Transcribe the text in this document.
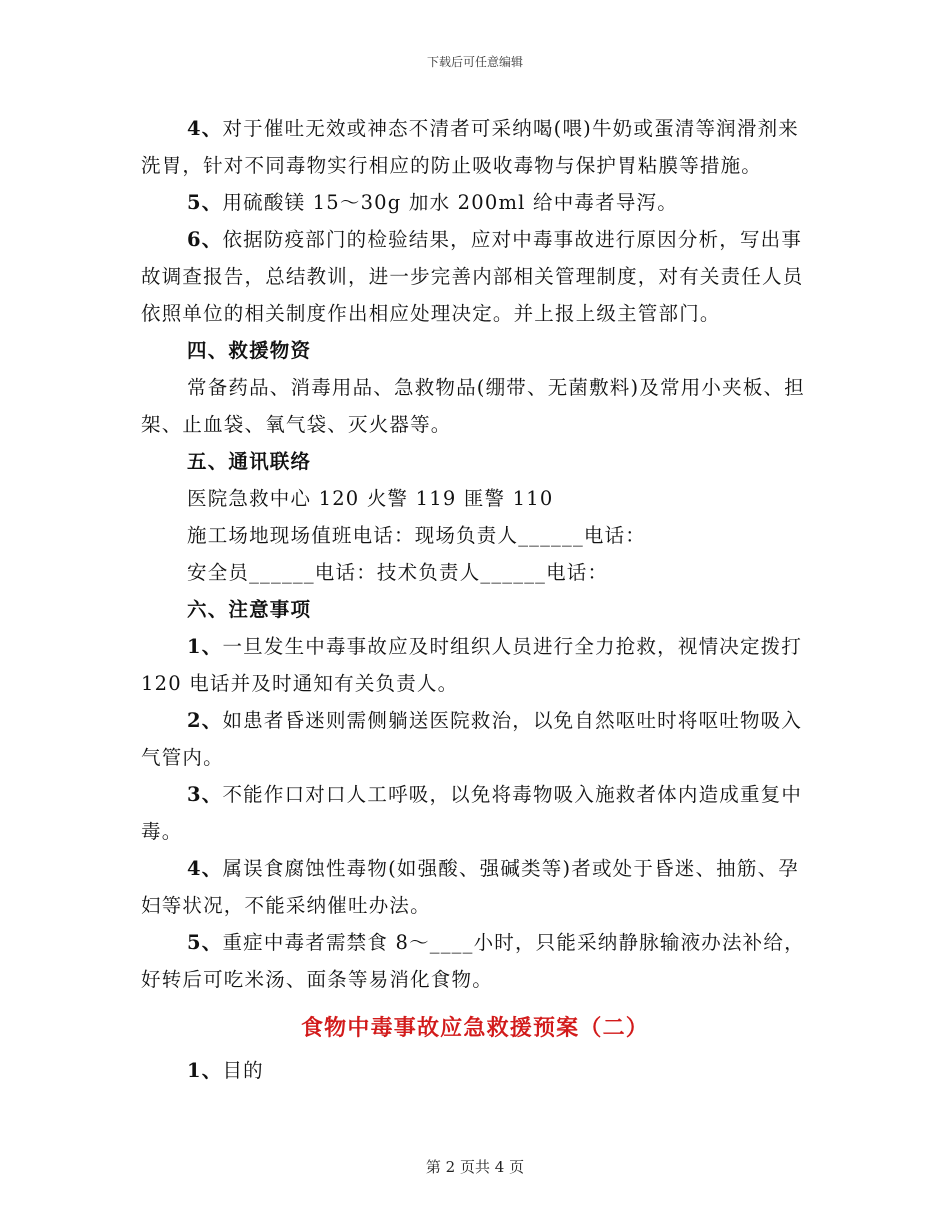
下载后可任意编辑

4、对于催吐无效或神态不清者可采纳喝(喂)牛奶或蛋清等润滑剂来洗胃，针对不同毒物实行相应的防止吸收毒物与保护胃粘膜等措施。

5、用硫酸镁 15～30g 加水 200ml 给中毒者导泻。

6、依据防疫部门的检验结果，应对中毒事故进行原因分析，写出事故调查报告，总结教训，进一步完善内部相关管理制度，对有关责任人员依照单位的相关制度作出相应处理决定。并上报上级主管部门。

四、救援物资

常备药品、消毒用品、急救物品(绷带、无菌敷料)及常用小夹板、担架、止血袋、氧气袋、灭火器等。

五、通讯联络

医院急救中心 120 火警 119 匪警 110

施工场地现场值班电话：现场负责人______电话：

安全员______电话：技术负责人______电话：

六、注意事项

1、一旦发生中毒事故应及时组织人员进行全力抢救，视情决定拨打 120 电话并及时通知有关负责人。

2、如患者昏迷则需侧躺送医院救治，以免自然呕吐时将呕吐物吸入气管内。

3、不能作口对口人工呼吸，以免将毒物吸入施救者体内造成重复中毒。

4、属误食腐蚀性毒物(如强酸、强碱类等)者或处于昏迷、抽筋、孕妇等状况，不能采纳催吐办法。

5、重症中毒者需禁食 8～____小时，只能采纳静脉输液办法补给，好转后可吃米汤、面条等易消化食物。

食物中毒事故应急救援预案（二）

1、目的

第 2 页共 4 页
